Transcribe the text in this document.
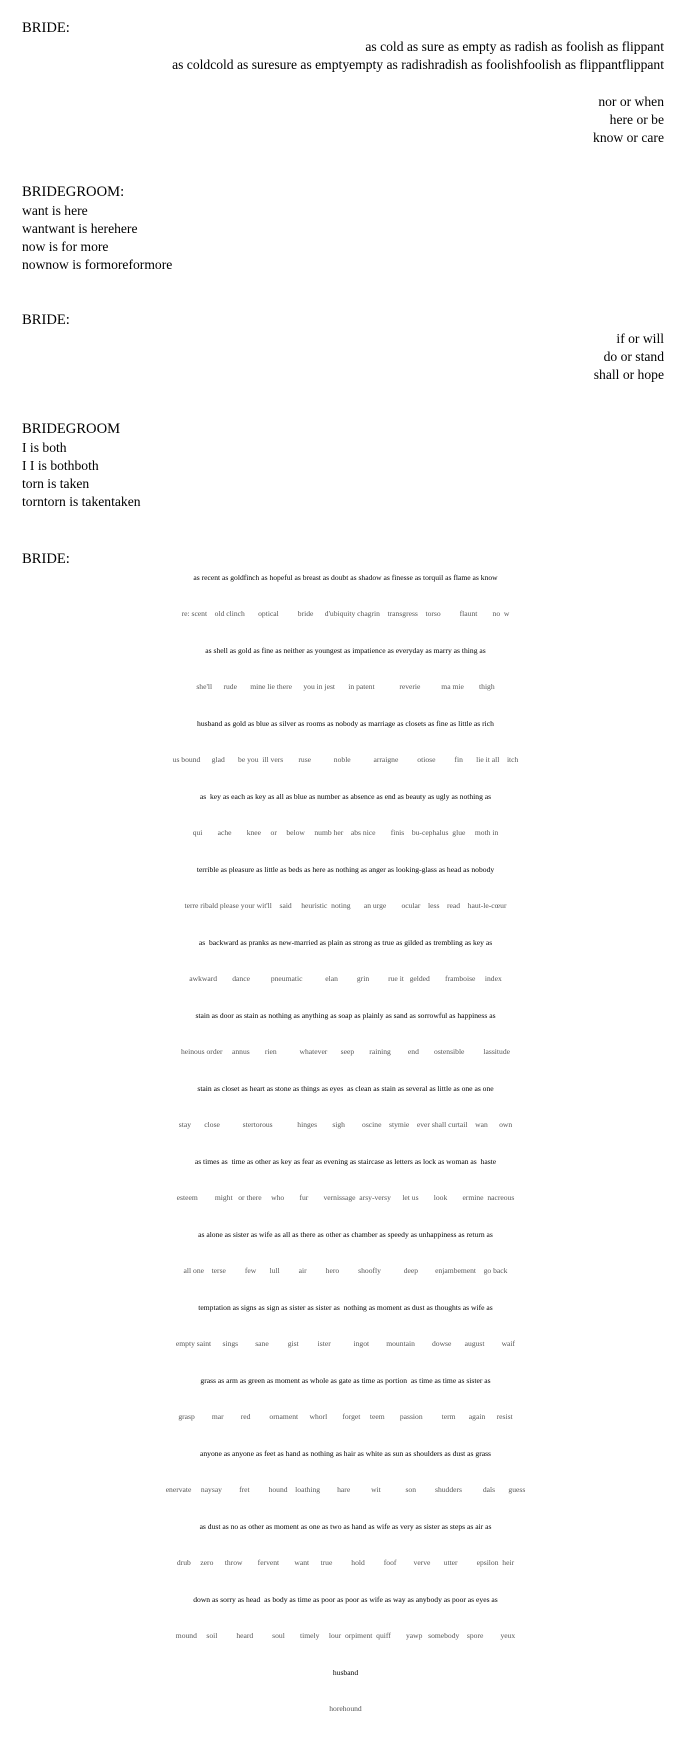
BRIDE:
as cold as sure as empty as radish as foolish as flippant
as coldcold as suresure as emptyempty as radishradish as foolishfoolish as flippantflippant
nor or when
here or be
know or care
BRIDEGROOM:
want is here
wantwant is herehere
now is for more
nownow is formoreformore
BRIDE:
if or will
do or stand
shall or hope
BRIDEGROOM
I is both
I I is bothboth
torn is taken
torntorn is takentaken
BRIDE:
as recent as goldfinch as hopeful as breast as doubt as shadow as finesse as torquil as flame as know
re: scent    old clinch       optical          bride      d'ubiquity chagrin    transgress    torso          flaunt        no  w
as shell as gold as fine as neither as youngest as impatience as everyday as marry as thing as
she'll      rude       mine lie there      you in jest       in patent             reverie           ma mie        thigh
husband as gold as blue as silver as rooms as nobody as marriage as closets as fine as little as rich
us bound      glad       be you  ill vers        ruse            noble            arraigne          otiose          fin       lie it all    itch
as  key as each as key as all as blue as number as absence as end as beauty as ugly as nothing as
qui        ache        knee     or     below     numb her    abs nice        finis    bu-cephalus  glue     moth in
terrible as pleasure as little as beds as here as nothing as anger as looking-glass as head as nobody
terre ribald please your wit'll    said     heuristic  noting       an urge        ocular    less    read    haut-le-cœur
as  backward as pranks as new-married as plain as strong as true as gilded as trembling as key as
awkward        dance           pneumatic            elan          grin          rue it   gelded        framboise     index
stain as door as stain as nothing as anything as soap as plainly as sand as sorrowful as happiness as
heinous order     annus        rien            whatever       seep        raining         end        ostensible          lassitude
stain as closet as heart as stone as things as eyes  as clean as stain as several as little as one as one
stay       close            stertorous             hinges        sigh         oscine    stymie    ever shall curtail    wan      own
as times as  time as other as key as fear as evening as staircase as letters as lock as woman as  haste
esteem         might   or there     who        fur        vernissage  arsy-versy      let us        look        ermine  nacreous
as alone as sister as wife as all as there as other as chamber as speedy as unhappiness as return as
all one    terse          few       lull          air          hero          shoofly            deep         enjambement    go back
temptation as signs as sign as sister as sister as  nothing as moment as dust as thoughts as wife as
empty saint      sings         sane          gist          ister            ingot         mountain         dowse       august         waif
grass as arm as green as moment as whole as gate as time as portion  as time as time as sister as
grasp         mar         red          ornament      whorl        forget     teem        passion          term       again      resist
anyone as anyone as feet as hand as nothing as hair as white as sun as shoulders as dust as grass
enervate     naysay         fret          hound    loathing         hare           wit             son          shudders           daïs       guess
as dust as no as other as moment as one as two as hand as wife as very as sister as steps as air as
drub     zero      throw        fervent        want      true          hold          foof         verve       utter          epsilon  heir
down as sorry as head  as body as time as poor as poor as wife as way as anybody as poor as eyes as
mound     soil          heard          soul        timely     lour  orpiment  quiff        yawp   somebody    spore         yeux
husband
horehound
